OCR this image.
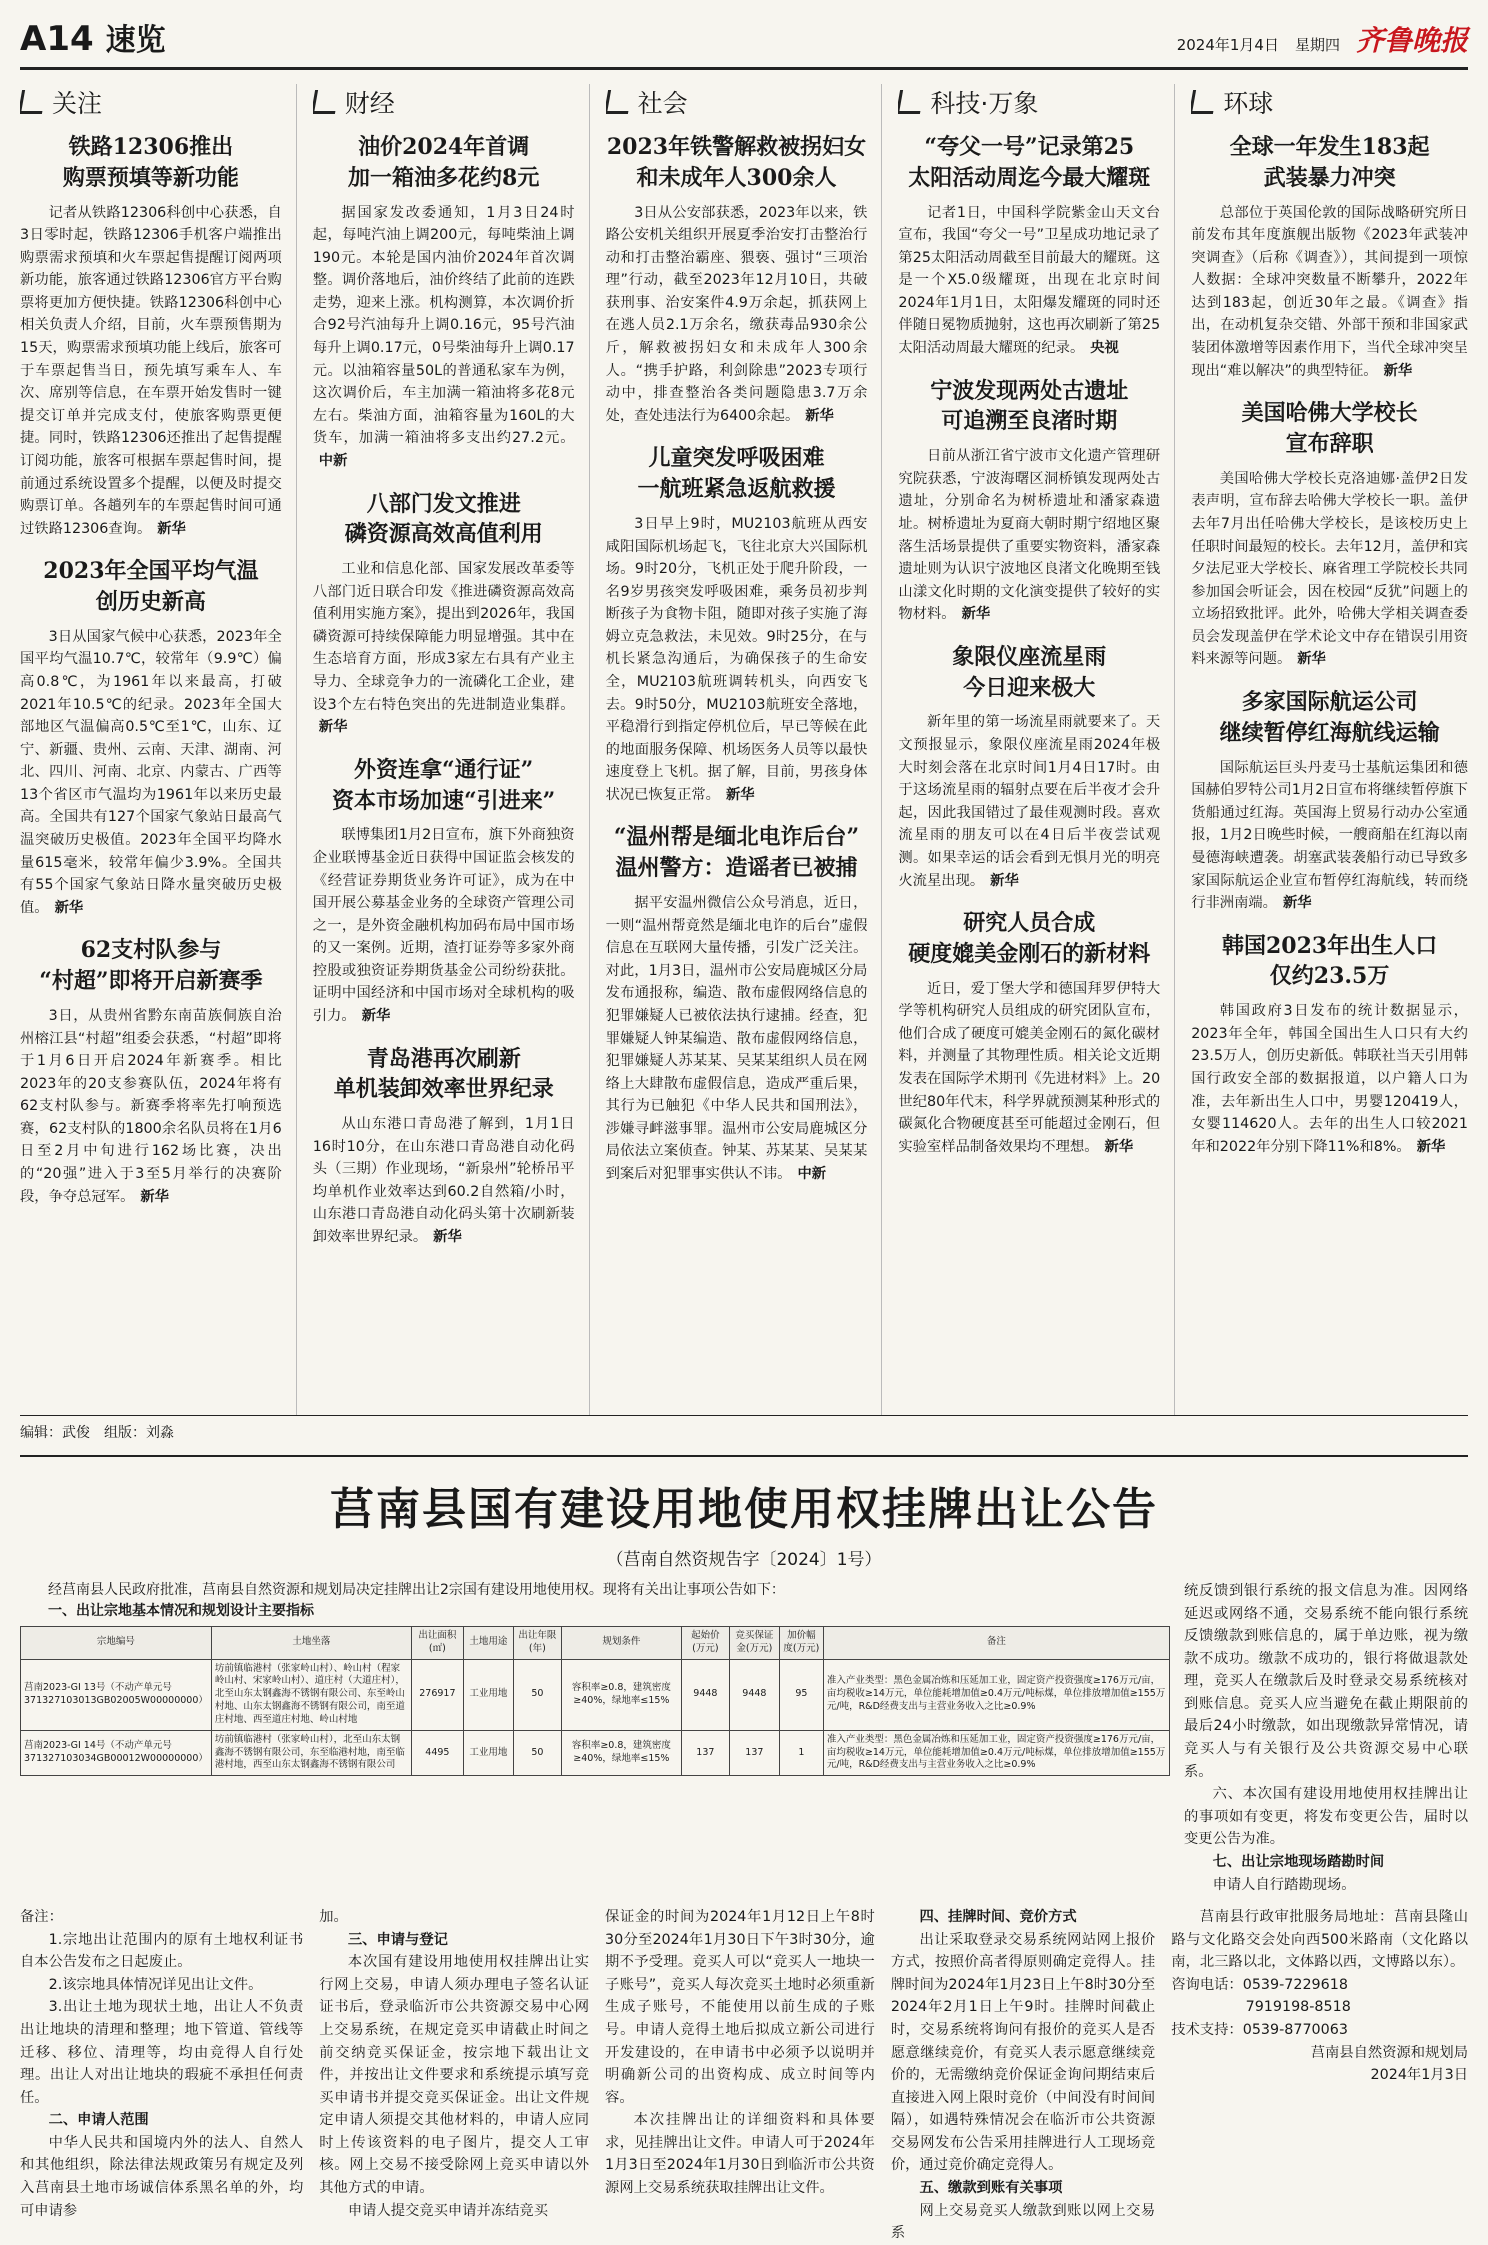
A14 速览	2024年1月4日 星期四 齐鲁晚报
关注
铁路12306推出
购票预填等新功能

记者从铁路12306科创中心获悉，自3日零时起，铁路12306手机客户端推出购票需求预填和火车票起售提醒订阅两项新功能，旅客通过铁路12306官方平台购票将更加方便快捷。铁路12306科创中心相关负责人介绍，目前，火车票预售期为15天，购票需求预填功能上线后，旅客可于车票起售当日，预先填写乘车人、车次、席别等信息，在车票开始发售时一键提交订单并完成支付，使旅客购票更便捷。同时，铁路12306还推出了起售提醒订阅功能，旅客可根据车票起售时间，提前通过系统设置多个提醒，以便及时提交购票订单。各趟列车的车票起售时间可通过铁路12306查询。 新华

2023年全国平均气温
创历史新高

3日从国家气候中心获悉，2023年全国平均气温10.7℃，较常年（9.9℃）偏高0.8℃，为1961年以来最高，打破2021年10.5℃的纪录。2023年全国大部地区气温偏高0.5℃至1℃，山东、辽宁、新疆、贵州、云南、天津、湖南、河北、四川、河南、北京、内蒙古、广西等13个省区市气温均为1961年以来历史最高。全国共有127个国家气象站日最高气温突破历史极值。2023年全国平均降水量615毫米，较常年偏少3.9%。全国共有55个国家气象站日降水量突破历史极值。 新华

62支村队参与
“村超”即将开启新赛季

3日，从贵州省黔东南苗族侗族自治州榕江县“村超”组委会获悉，“村超”即将于1月6日开启2024年新赛季。相比2023年的20支参赛队伍，2024年将有62支村队参与。新赛季将率先打响预选赛，62支村队的1800余名队员将在1月6日至2月中旬进行162场比赛，决出的“20强”进入于3至5月举行的决赛阶段，争夺总冠军。 新华

财经
油价2024年首调
加一箱油多花约8元

据国家发改委通知，1月3日24时起，每吨汽油上调200元，每吨柴油上调190元。本轮是国内油价2024年首次调整。调价落地后，油价终结了此前的连跌走势，迎来上涨。机构测算，本次调价折合92号汽油每升上调0.16元，95号汽油每升上调0.17元，0号柴油每升上调0.17元。以油箱容量50L的普通私家车为例，这次调价后，车主加满一箱油将多花8元左右。柴油方面，油箱容量为160L的大货车，加满一箱油将多支出约27.2元。中新

八部门发文推进
磷资源高效高值利用

工业和信息化部、国家发展改革委等八部门近日联合印发《推进磷资源高效高值利用实施方案》，提出到2026年，我国磷资源可持续保障能力明显增强。其中在生态培育方面，形成3家左右具有产业主导力、全球竞争力的一流磷化工企业，建设3个左右特色突出的先进制造业集群。新华

外资连拿“通行证”
资本市场加速“引进来”

联博集团1月2日宣布，旗下外商独资企业联博基金近日获得中国证监会核发的《经营证券期货业务许可证》，成为在中国开展公募基金业务的全球资产管理公司之一，是外资金融机构加码布局中国市场的又一案例。近期，渣打证券等多家外商控股或独资证券期货基金公司纷纷获批。证明中国经济和中国市场对全球机构的吸引力。 新华

青岛港再次刷新
单机装卸效率世界纪录

从山东港口青岛港了解到，1月1日16时10分，在山东港口青岛港自动化码头（三期）作业现场，“新泉州”轮桥吊平均单机作业效率达到60.2自然箱/小时，山东港口青岛港自动化码头第十次刷新装卸效率世界纪录。 新华

社会
2023年铁警解救被拐妇女
和未成年人300余人

3日从公安部获悉，2023年以来，铁路公安机关组织开展夏季治安打击整治行动和打击整治霸座、猥亵、强讨“三项治理”行动，截至2023年12月10日，共破获刑事、治安案件4.9万余起，抓获网上在逃人员2.1万余名，缴获毒品930余公斤，解救被拐妇女和未成年人300余人。“携手护路，利剑除患”2023专项行动中，排查整治各类问题隐患3.7万余处，查处违法行为6400余起。 新华

儿童突发呼吸困难
一航班紧急返航救援

3日早上9时，MU2103航班从西安咸阳国际机场起飞，飞往北京大兴国际机场。9时20分，飞机正处于爬升阶段，一名9岁男孩突发呼吸困难，乘务员初步判断孩子为食物卡阻，随即对孩子实施了海姆立克急救法，未见效。9时25分，在与机长紧急沟通后，为确保孩子的生命安全，MU2103航班调转机头，向西安飞去。9时50分，MU2103航班安全落地，平稳滑行到指定停机位后，早已等候在此的地面服务保障、机场医务人员等以最快速度登上飞机。据了解，目前，男孩身体状况已恢复正常。 新华

“温州帮是缅北电诈后台”
温州警方：造谣者已被捕

据平安温州微信公众号消息，近日，一则“温州帮竟然是缅北电诈的后台”虚假信息在互联网大量传播，引发广泛关注。对此，1月3日，温州市公安局鹿城区分局发布通报称，编造、散布虚假网络信息的犯罪嫌疑人已被依法执行逮捕。经查，犯罪嫌疑人钟某编造、散布虚假网络信息，犯罪嫌疑人苏某某、吴某某组织人员在网络上大肆散布虚假信息，造成严重后果，其行为已触犯《中华人民共和国刑法》，涉嫌寻衅滋事罪。温州市公安局鹿城区分局依法立案侦查。钟某、苏某某、吴某某到案后对犯罪事实供认不讳。 中新

科技·万象
“夸父一号”记录第25
太阳活动周迄今最大耀斑

记者1日，中国科学院紫金山天文台宣布，我国“夸父一号”卫星成功地记录了第25太阳活动周截至目前最大的耀斑。这是一个X5.0级耀斑，出现在北京时间2024年1月1日，太阳爆发耀斑的同时还伴随日冕物质抛射，这也再次刷新了第25太阳活动周最大耀斑的纪录。 央视

宁波发现两处古遗址
可追溯至良渚时期

日前从浙江省宁波市文化遗产管理研究院获悉，宁波海曙区洞桥镇发现两处古遗址，分别命名为树桥遗址和潘家森遗址。树桥遗址为夏商大朝时期宁绍地区聚落生活场景提供了重要实物资料，潘家森遗址则为认识宁波地区良渚文化晚期至钱山漾文化时期的文化演变提供了较好的实物材料。 新华

象限仪座流星雨
今日迎来极大

新年里的第一场流星雨就要来了。天文预报显示，象限仪座流星雨2024年极大时刻会落在北京时间1月4日17时。由于这场流星雨的辐射点要在后半夜才会升起，因此我国错过了最佳观测时段。喜欢流星雨的朋友可以在4日后半夜尝试观测。如果幸运的话会看到无惧月光的明亮火流星出现。 新华

研究人员合成
硬度媲美金刚石的新材料

近日，爱丁堡大学和德国拜罗伊特大学等机构研究人员组成的研究团队宣布，他们合成了硬度可媲美金刚石的氮化碳材料，并测量了其物理性质。相关论文近期发表在国际学术期刊《先进材料》上。20世纪80年代末，科学界就预测某种形式的碳氮化合物硬度甚至可能超过金刚石，但实验室样品制备效果均不理想。 新华

环球
全球一年发生183起
武装暴力冲突

总部位于英国伦敦的国际战略研究所日前发布其年度旗舰出版物《2023年武装冲突调查》（后称《调查》），其间提到一项惊人数据：全球冲突数量不断攀升，2022年达到183起，创近30年之最。《调查》指出，在动机复杂交错、外部干预和非国家武装团体激增等因素作用下，当代全球冲突呈现出“难以解决”的典型特征。 新华

美国哈佛大学校长
宣布辞职

美国哈佛大学校长克洛迪娜·盖伊2日发表声明，宣布辞去哈佛大学校长一职。盖伊去年7月出任哈佛大学校长，是该校历史上任职时间最短的校长。去年12月，盖伊和宾夕法尼亚大学校长、麻省理工学院校长共同参加国会听证会，因在校园“反犹”问题上的立场招致批评。此外，哈佛大学相关调查委员会发现盖伊在学术论文中存在错误引用资料来源等问题。 新华

多家国际航运公司
继续暂停红海航线运输

国际航运巨头丹麦马士基航运集团和德国赫伯罗特公司1月2日宣布将继续暂停旗下货船通过红海。英国海上贸易行动办公室通报，1月2日晚些时候，一艘商船在红海以南曼德海峡遭袭。胡塞武装袭船行动已导致多家国际航运企业宣布暂停红海航线，转而绕行非洲南端。 新华

韩国2023年出生人口
仅约23.5万

韩国政府3日发布的统计数据显示，2023年全年，韩国全国出生人口只有大约23.5万人，创历史新低。韩联社当天引用韩国行政安全部的数据报道，以户籍人口为准，去年新出生人口中，男婴120419人，女婴114620人。去年的出生人口较2021年和2022年分别下降11%和8%。 新华

编辑：武俊　组版：刘淼
莒南县国有建设用地使用权挂牌出让公告
（莒南自然资规告字〔2024〕1号）

经莒南县人民政府批准，莒南县自然资源和规划局决定挂牌出让2宗国有建设用地使用权。现将有关出让事项公告如下：

一、出让宗地基本情况和规划设计主要指标

宗地编号	土地坐落	出让面积(㎡)	土地用途	出让年限(年)	规划条件	起始价(万元)	竞买保证金(万元)	加价幅度(万元)	备注
莒南2023-GI 13号（不动产单元号371327103013GB02005W00000000）	坊前镇临港村（张家岭山村）、岭山村（程家岭山村、宋家岭山村）、道庄村（大道庄村），北至山东太钢鑫海不锈钢有限公司、东至岭山村地、山东太钢鑫海不锈钢有限公司，南至道庄村地、西至道庄村地、岭山村地	276917	工业用地	50	容积率≥0.8，建筑密度≥40%，绿地率≤15%	9448	9448	95	准入产业类型：黑色金属冶炼和压延加工业，固定资产投资强度≥176万元/亩，亩均税收≥14万元，单位能耗增加值≥0.4万元/吨标煤，单位排放增加值≥155万元/吨，R&D经费支出与主营业务收入之比≥0.9%
莒南2023-GI 14号（不动产单元号371327103034GB00012W00000000）	坊前镇临港村（张家岭山村），北至山东太钢鑫海不锈钢有限公司，东至临港村地，南至临港村地，西至山东太钢鑫海不锈钢有限公司	4495	工业用地	50	容积率≥0.8，建筑密度≥40%，绿地率≤15%	137	137	1	准入产业类型：黑色金属冶炼和压延加工业，固定资产投资强度≥176万元/亩，亩均税收≥14万元，单位能耗增加值≥0.4万元/吨标煤，单位排放增加值≥155万元/吨，R&D经费支出与主营业务收入之比≥0.9%

统反馈到银行系统的报文信息为准。因网络延迟或网络不通，交易系统不能向银行系统反馈缴款到账信息的，属于单边账，视为缴款不成功。缴款不成功的，银行将做退款处理，竞买人在缴款后及时登录交易系统核对到账信息。竞买人应当避免在截止期限前的最后24小时缴款，如出现缴款异常情况，请竞买人与有关银行及公共资源交易中心联系。

六、本次国有建设用地使用权挂牌出让的事项如有变更，将发布变更公告，届时以变更公告为准。

七、出让宗地现场踏勘时间

申请人自行踏勘现场。

备注：

1.宗地出让范围内的原有土地权利证书自本公告发布之日起废止。

2.该宗地具体情况详见出让文件。

3.出让土地为现状土地，出让人不负责出让地块的清理和整理；地下管道、管线等迁移、移位、清理等，均由竞得人自行处理。出让人对出让地块的瑕疵不承担任何责任。

二、申请人范围

中华人民共和国境内外的法人、自然人和其他组织，除法律法规政策另有规定及列入莒南县土地市场诚信体系黑名单的外，均可申请参

加。

三、申请与登记

本次国有建设用地使用权挂牌出让实行网上交易，申请人须办理电子签名认证证书后，登录临沂市公共资源交易中心网上交易系统，在规定竞买申请截止时间之前交纳竞买保证金，按宗地下载出让文件，并按出让文件要求和系统提示填写竞买申请书并提交竞买保证金。出让文件规定申请人须提交其他材料的，申请人应同时上传该资料的电子图片，提交人工审核。网上交易不接受除网上竞买申请以外其他方式的申请。

申请人提交竞买申请并冻结竞买

保证金的时间为2024年1月12日上午8时30分至2024年1月30日下午3时30分，逾期不予受理。竞买人可以“竞买人一地块一子账号”，竞买人每次竞买土地时必须重新生成子账号，不能使用以前生成的子账号。申请人竞得土地后拟成立新公司进行开发建设的，在申请书中必须予以说明并明确新公司的出资构成、成立时间等内容。

本次挂牌出让的详细资料和具体要求，见挂牌出让文件。申请人可于2024年1月3日至2024年1月30日到临沂市公共资源网上交易系统获取挂牌出让文件。

四、挂牌时间、竞价方式

出让采取登录交易系统网站网上报价方式，按照价高者得原则确定竞得人。挂牌时间为2024年1月23日上午8时30分至2024年2月1日上午9时。挂牌时间截止时，交易系统将询问有报价的竞买人是否愿意继续竞价，有竞买人表示愿意继续竞价的，无需缴纳竞价保证金询问期结束后直接进入网上限时竞价（中间没有时间间隔），如遇特殊情况会在临沂市公共资源交易网发布公告采用挂牌进行人工现场竞价，通过竞价确定竞得人。

五、缴款到账有关事项

网上交易竞买人缴款到账以网上交易系

莒南县行政审批服务局地址：莒南县隆山路与文化路交会处向西500米路南（文化路以南，北三路以北，文体路以西，文博路以东）。

咨询电话：0539-7229618

7919198-8518

技术支持：0539-8770063

莒南县自然资源和规划局

2024年1月3日
